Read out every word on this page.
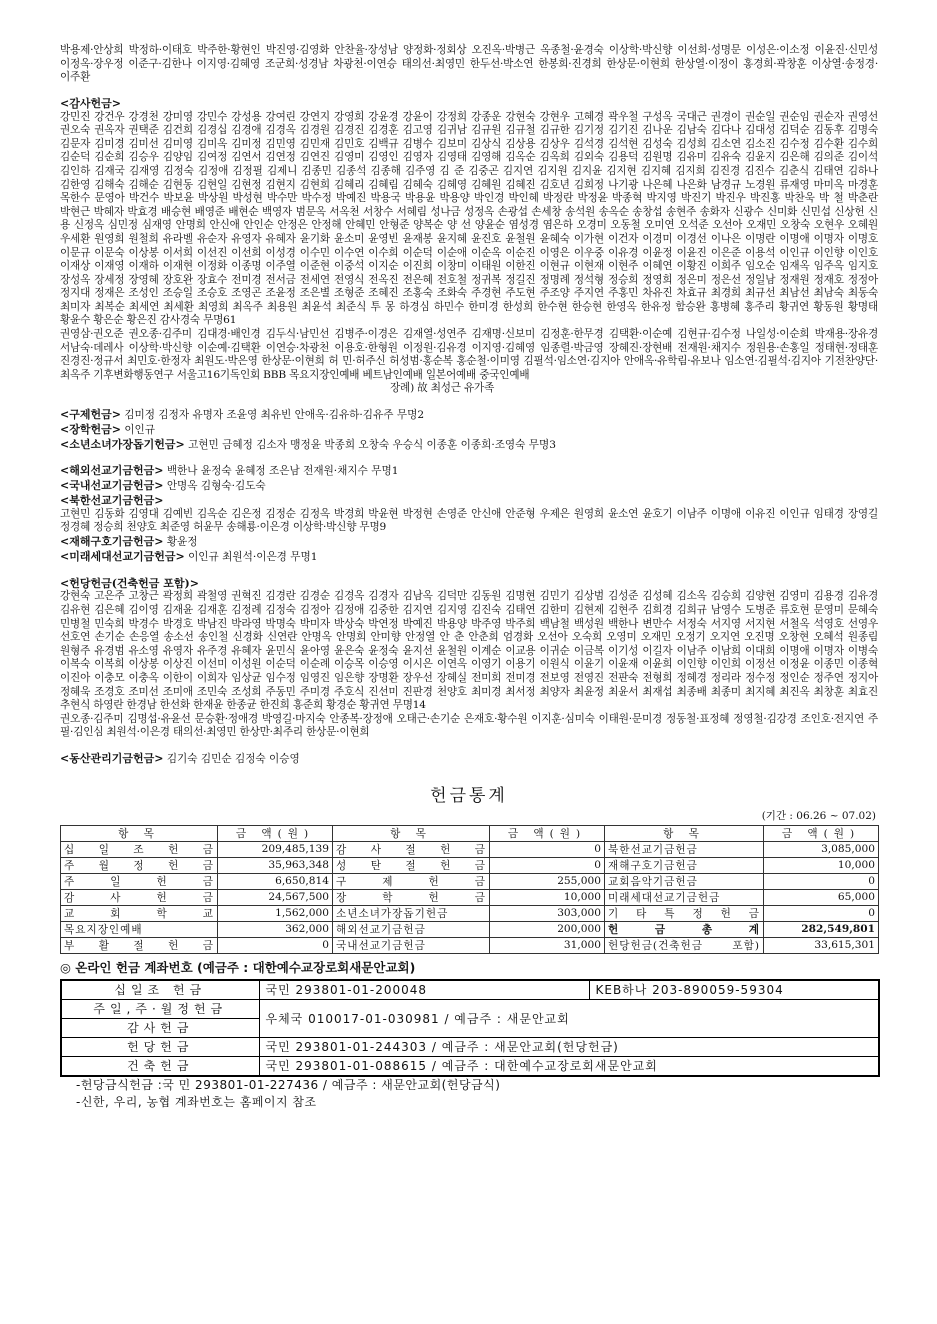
박용제·안상희 박정하·이태호 박주한·황현인 박진영·김영화 안찬율·장성남 양정화·정회상 오진옥·박병근 옥종철·윤경숙 이상학·박신향 이선희·성명문 이성은·이소정 이윤진·신민성 이정옥·장우정 이준구·김한나 이지영·김혜영 조군희·성경남 차광천·이연승 태의선·최영민 한두선·박소연 한봉희·진경희 한상문·이현희 한상열·이정이 홍경희·곽창훈 이상열·송정경·이주환

<감사헌금>

강민진 강건우 강경천 강미영 강민수 강성용 강여린 강연지 강영희 강윤경 강윤이 강정희 강종운 강현숙 강현우 고혜경 곽우철 구성옥 국대근 권경이 권순일 권순임 권순자 권영선 권오숙 권옥자 권택준 김건희 김경십 김경애 김경옥 김경원 김경진 김경훈 김고영 김귀남 김규원 김규철 김규한 김기정 김기진 김나운 김남숙 김다나 김대성 김덕순 김동후 김명숙 김문자 김미경 김미선 김미영 김미옥 김미정 김민영 김민재 김민호 김백규 김병수 김보미 김상식 김상용 김상우 김석경 김석현 김성숙 김성희 김소연 김소진 김수정 김수환 김수희 김순덕 김순희 김승우 김양임 김여정 김연서 김연정 김연진 김영미 김영인 김영자 김영태 김영해 김옥순 김옥희 김외숙 김용덕 김원명 김유미 김유숙 김윤지 김은해 김의준 김이석 김인하 김재국 김재영 김정숙 김정애 김정필 김제니 김종민 김종석 김종해 김주영 김 준 김중곤 김지연 김지원 김지윤 김지현 김지혜 김지희 김진경 김진수 김춘식 김태연 김하나 김한영 김해숙 김해순 김현동 김현일 김현정 김현지 김현희 김혜리 김혜림 김혜숙 김혜영 김혜원 김혜진 김호년 김희정 나기광 나은혜 나은화 남경규 노경원 류재영 마미옥 마경훈 목한수 문영아 박건수 박보윤 박상원 박성현 박수만 박수정 박예진 박용국 박용윤 박용양 박인경 박인혜 박정란 박정윤 박종혁 박지영 박진기 박진우 박진홍 박찬욱 박 철 박춘란 박현근 박혜자 박효경 배승현 배영준 배현순 백영자 범문옥 서옥천 서창수 서혜림 성나금 성정옥 손광섭 손세창 송석원 송옥순 송창섭 송현주 송화자 신광수 신미화 신민섭 신상헌 신 용 신정옥 심민정 심재영 안명희 안신애 안인순 안정은 안정해 안혜민 안형준 양복순 양 선 양윤순 염성경 염은하 오경미 오동철 오미연 오석준 오선아 오재민 오창숙 오현우 오혜원 우세환 원영희 원철희 유라벨 유순자 유영자 유혜자 윤기화 윤소미 윤영빈 윤재봉 윤지혜 윤진호 윤철원 윤혜숙 이가현 이건자 이경미 이경선 이나은 이명란 이명애 이명자 이명호 이문규 이문숙 이상봉 이서희 이선진 이선희 이성경 이수민 이수연 이수희 이순덕 이순애 이순옥 이순진 이영은 이우중 이유경 이윤정 이윤진 이은준 이용석 이인규 이인향 이인호 이재상 이재영 이재하 이재현 이정화 이종명 이주열 이준현 이중석 이지순 이진희 이창미 이태원 이한진 이현규 이현재 이현주 이혜연 이황진 이희주 임오순 임재옥 임주옥 임지호 장성옥 장세정 장영혜 장호완 장효수 전미경 전서금 전세연 전영식 전옥진 전은혜 전호철 정귀복 정길진 정명례 정석형 정승희 정영희 정은미 정은선 정일남 정재원 정재호 정정아 정지대 정재은 조성인 조승일 조승호 조영곤 조윤정 조은별 조형준 조혜진 조홍숙 조화숙 주경현 주도현 주조양 주지연 주홍민 차유진 차효규 최경희 최규선 최남선 최남숙 최동숙 최미자 최복순 최세연 최세환 최영희 최옥주 최용원 최윤석 최준식 투 몽 하경심 하민수 한미경 한성희 한수현 한승현 한영옥 한유정 함승완 홍병혜 홍주리 황귀연 황동원 황명태 황윤수 황은순 황은진 감사경숙 무명61

권영삼·권오준 권오종·김주미 김대경·배인경 김두식·남민선 김병주·이경은 김재열·성연주 김재명·신보미 김정훈·한무경 김택환·이순예 김현규·김수정 나일성·이순희 박재용·장유경 서남숙·데레사 이상학·박신향 이순예·김택환 이연승·차광천 이용호·한형원 이정원·김유경 이지영·김혜영 임종렬·박금영 장혜진·장현배 전재원·채지수 정원용·손홍일 정태현·정태훈 진경진·정규서 최민호·한정자 최원도·박은영 한상문·이현희 허 민·허주신 허성범·홍순복 홍순철·이미영 김필석·임소연·김지아 안애옥·유학림·유보나 임소연·김필석·김지아 기전찬양단·최옥주 기후변화행동연구 서울고16기독인회 BBB 목요지장인예배 베트남인예배 일본어예배 중국인예배

장례) 故 최성근 유가족

<구제헌금> 김미정 김정자 유명자 조윤영 최유빈 안애옥·김유하·김유주 무명2

<장학헌금> 이인규

<소년소녀가장돕기헌금> 고현민 금혜정 김소자 맹정윤 박종희 오창숙 우승식 이종훈 이종희·조영숙 무명3

<해외선교기금헌금> 백한나 윤정숙 윤혜정 조은남 전재원·채지수 무명1

<국내선교기금헌금> 안명옥 김형숙·김도숙

<북한선교기금헌금>

고현민 김동화 김영대 김예빈 김옥순 김은정 김정순 김정옥 박경희 박윤현 박정현 손영준 안신애 안준형 우제은 원영희 윤소연 윤호기 이남주 이명애 이유진 이인규 임태경 장영길 정경혜 정승희 천양호 최준영 허윤무 송해룡·이은경 이상학·박신향 무명9

<재해구호기금헌금> 황윤정

<미래세대선교기금헌금> 이인규 최원석·이은경 무명1

<헌당헌금(건축헌금 포함)>

강현숙 고은주 고창근 곽정희 곽철영 권혁진 김경란 김경순 김경옥 김경자 김남옥 김덕만 김동원 김명현 김민기 김상범 김성준 김성혜 김소옥 김승희 김양현 김영미 김용경 김유경 김유현 김은혜 김이영 김재윤 김재훈 김정례 김정숙 김정아 김정애 김중한 김지연 김지영 김진숙 김태연 김한미 김현제 김현주 김희경 김희규 남영수 도병준 류호현 문영미 문혜숙 민병철 민숙희 박경수 박경호 박남진 박라영 박명숙 박미자 박상숙 박연정 박예진 박용양 박주영 박주희 백남철 백성원 백한나 변만수 서정숙 서지영 서지현 서철옥 석영호 선영우 선호연 손기순 손응열 송소선 송인철 신경화 신연란 안명옥 안명희 안미향 안정열 안 춘 안춘희 엄경화 오선아 오숙희 오영미 오재민 오정기 오지연 오진명 오창현 오혜석 원종림 원형주 유경범 유소영 유영자 유주경 유혜자 윤민식 윤아영 윤은숙 윤정숙 윤지선 윤철원 이계순 이교용 이귀순 이금복 이기성 이길자 이남주 이남희 이대희 이명애 이명자 이병숙 이복숙 이복희 이상봉 이상진 이선미 이성원 이순덕 이순례 이승목 이승영 이시은 이연옥 이영기 이용기 이원식 이윤기 이윤재 이윤희 이인향 이인희 이정선 이정윤 이종민 이종혁 이진아 이충모 이충옥 이한이 이희자 임상균 임수정 임영진 임은향 장명환 장우선 장혜실 전미희 전미경 전보영 전영진 전판숙 전형희 정혜경 정리라 정수정 정인순 정주연 정지아 정혜욱 조경호 조미선 조미애 조민숙 조성희 주동민 주미경 주호식 진선미 진판경 천양호 최미경 최서정 최양자 최윤정 최윤서 최재섭 최종배 최종미 최지혜 최진옥 최창훈 최효진 추현식 하영란 한경남 한선화 한재윤 한종균 한진희 홍준희 황경순 황귀연 무명14

권오종·김주미 김명섭·유윤선 문승환·정애경 박영길·마지숙 안종복·장정애 오태근·손기순 은재호·황수원 이지훈·심미숙 이태원·문미경 정동철·표정혜 정영철·김강경 조인호·전지연 주 필·김인심 최원석·이은경 태의선·최영민 한상만·최주리 한상문·이현희

<동산관리기금헌금> 김기숙 김민순 김정숙 이승영

헌금통계
(기간 : 06.26 ~ 07.02)
항 목	금 액(원)	항 목	금 액(원)	항 목	금 액(원)
십 일 조 헌 금	209,485,139	감 사 절 헌 금	0	북한선교기금헌금	3,085,000
주 월 정 헌 금	35,963,348	성 탄 절 헌 금	0	재해구호기금헌금	10,000
주 일 헌 금	6,650,814	구 제 헌 금	255,000	교회음악기금헌금	0
감 사 헌 금	24,567,500	장 학 헌 금	10,000	미래세대선교기금헌금	65,000
교 회 학 교	1,562,000	소년소녀가장돕기헌금	303,000	기 타 특 정 헌 금	0
목요지장인예배	362,000	해외선교기금헌금	200,000	헌 금 총 계	282,549,801
부 활 절 헌 금	0	국내선교기금헌금	31,000	헌당헌금(건축헌금 포함)	33,615,301
◎ 온라인 헌금 계좌번호 (예금주 : 대한예수교장로회새문안교회)
십일조 헌금	국민 293801-01-200048	KEB하나 203-890059-59304
주일,주·월정헌금	우체국 010017-01-030981 / 예금주 : 새문안교회	
감사헌금		
헌당헌금	국민 293801-01-244303 / 예금주 : 새문안교회(헌당헌금)	
건축헌금	국민 293801-01-088615 / 예금주 : 대한예수교장로회새문안교회	

-헌당금식헌금 :국 민 293801-01-227436 / 예금주 : 새문안교회(헌당금식)

-신한, 우리, 농협 계좌번호는 홈페이지 참조
